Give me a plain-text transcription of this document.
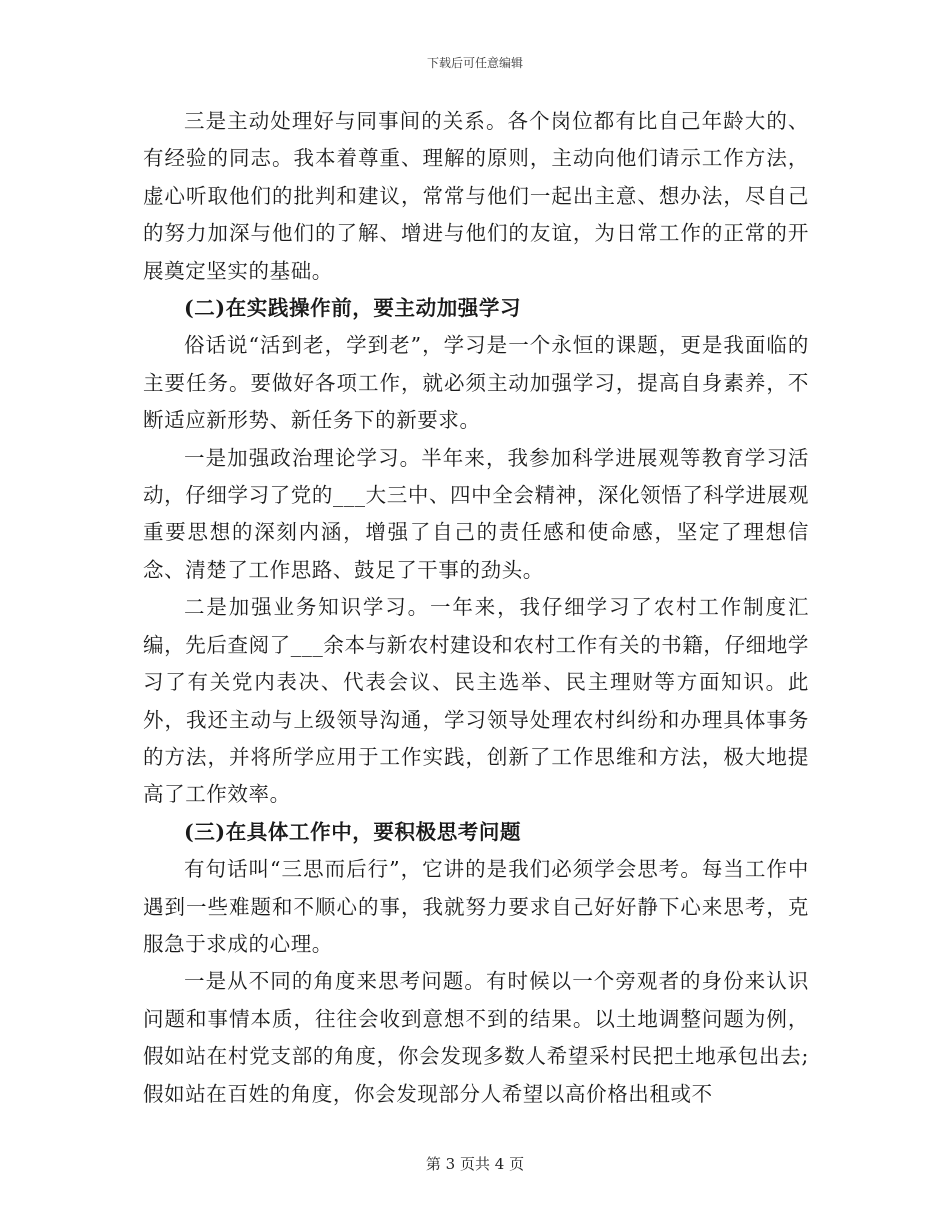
下载后可任意编辑

三是主动处理好与同事间的关系。各个岗位都有比自己年龄大的、有经验的同志。我本着尊重、理解的原则，主动向他们请示工作方法，虚心听取他们的批判和建议，常常与他们一起出主意、想办法，尽自己的努力加深与他们的了解、增进与他们的友谊，为日常工作的正常的开展奠定坚实的基础。

(二)在实践操作前，要主动加强学习

俗话说“活到老，学到老”，学习是一个永恒的课题，更是我面临的主要任务。要做好各项工作，就必须主动加强学习，提高自身素养，不断适应新形势、新任务下的新要求。

一是加强政治理论学习。半年来，我参加科学进展观等教育学习活动，仔细学习了党的___大三中、四中全会精神，深化领悟了科学进展观重要思想的深刻内涵，增强了自己的责任感和使命感，坚定了理想信念、清楚了工作思路、鼓足了干事的劲头。

二是加强业务知识学习。一年来，我仔细学习了农村工作制度汇编，先后查阅了___余本与新农村建设和农村工作有关的书籍，仔细地学习了有关党内表决、代表会议、民主选举、民主理财等方面知识。此外，我还主动与上级领导沟通，学习领导处理农村纠纷和办理具体事务的方法，并将所学应用于工作实践，创新了工作思维和方法，极大地提高了工作效率。

(三)在具体工作中，要积极思考问题

有句话叫“三思而后行”，它讲的是我们必须学会思考。每当工作中遇到一些难题和不顺心的事，我就努力要求自己好好静下心来思考，克服急于求成的心理。

一是从不同的角度来思考问题。有时候以一个旁观者的身份来认识问题和事情本质，往往会收到意想不到的结果。以土地调整问题为例，假如站在村党支部的角度，你会发现多数人希望采村民把土地承包出去;假如站在百姓的角度，你会发现部分人希望以高价格出租或不

第 3 页共 4 页
